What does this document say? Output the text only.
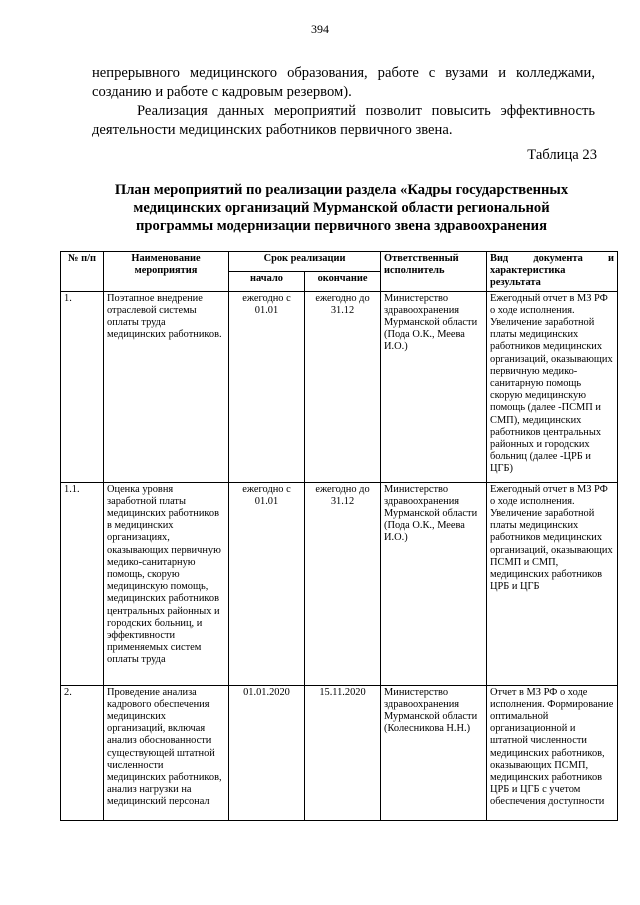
394

непрерывного медицинского образования, работе с вузами и колледжами, созданию и работе с кадровым резервом).

Реализация данных мероприятий позволит повысить эффективность деятельности медицинских работников первичного звена.

Таблица 23
План мероприятий по реализации раздела «Кадры государственных
медицинских организаций Мурманской области региональной
программы модернизации первичного звена здравоохранения
№ п/п	Наименование мероприятия	Срок реализации		Ответственный исполнитель	Вид документа и характеристика результата

		начало	окончание		
1.	Поэтапное внедрение отраслевой системы оплаты труда медицинских работников.	ежегодно с 01.01	ежегодно до 31.12	Министерство здравоохранения Мурманской области (Пода О.К., Меева И.О.)	Ежегодный отчет в МЗ РФ о ходе исполнения. Увеличение заработной платы медицинских работников медицинских организаций, оказывающих первичную медико-санитарную помощь скорую медицинскую помощь (далее -ПСМП и СМП), медицинских работников центральных районных и городских больниц (далее -ЦРБ и ЦГБ)
1.1.	Оценка уровня заработной платы медицинских работников в медицинских организациях, оказывающих первичную медико-санитарную помощь, скорую медицинскую помощь, медицинских работников центральных районных и городских больниц, и эффективности применяемых систем оплаты труда	ежегодно с 01.01	ежегодно до 31.12	Министерство здравоохранения Мурманской области (Пода О.К., Меева И.О.)	Ежегодный отчет в МЗ РФ о ходе исполнения. Увеличение заработной платы медицинских работников медицинских организаций, оказывающих ПСМП и СМП, медицинских работников ЦРБ и ЦГБ
2.	Проведение анализа кадрового обеспечения медицинских организаций, включая анализ обоснованности существующей штатной численности медицинских работников, анализ нагрузки на медицинский персонал	01.01.2020	15.11.2020	Министерство здравоохранения Мурманской области (Колесникова Н.Н.)	Отчет в МЗ РФ о ходе исполнения. Формирование оптимальной организационной и штатной численности медицинских работников, оказывающих ПСМП, медицинских работников ЦРБ и ЦГБ с учетом обеспечения доступности
